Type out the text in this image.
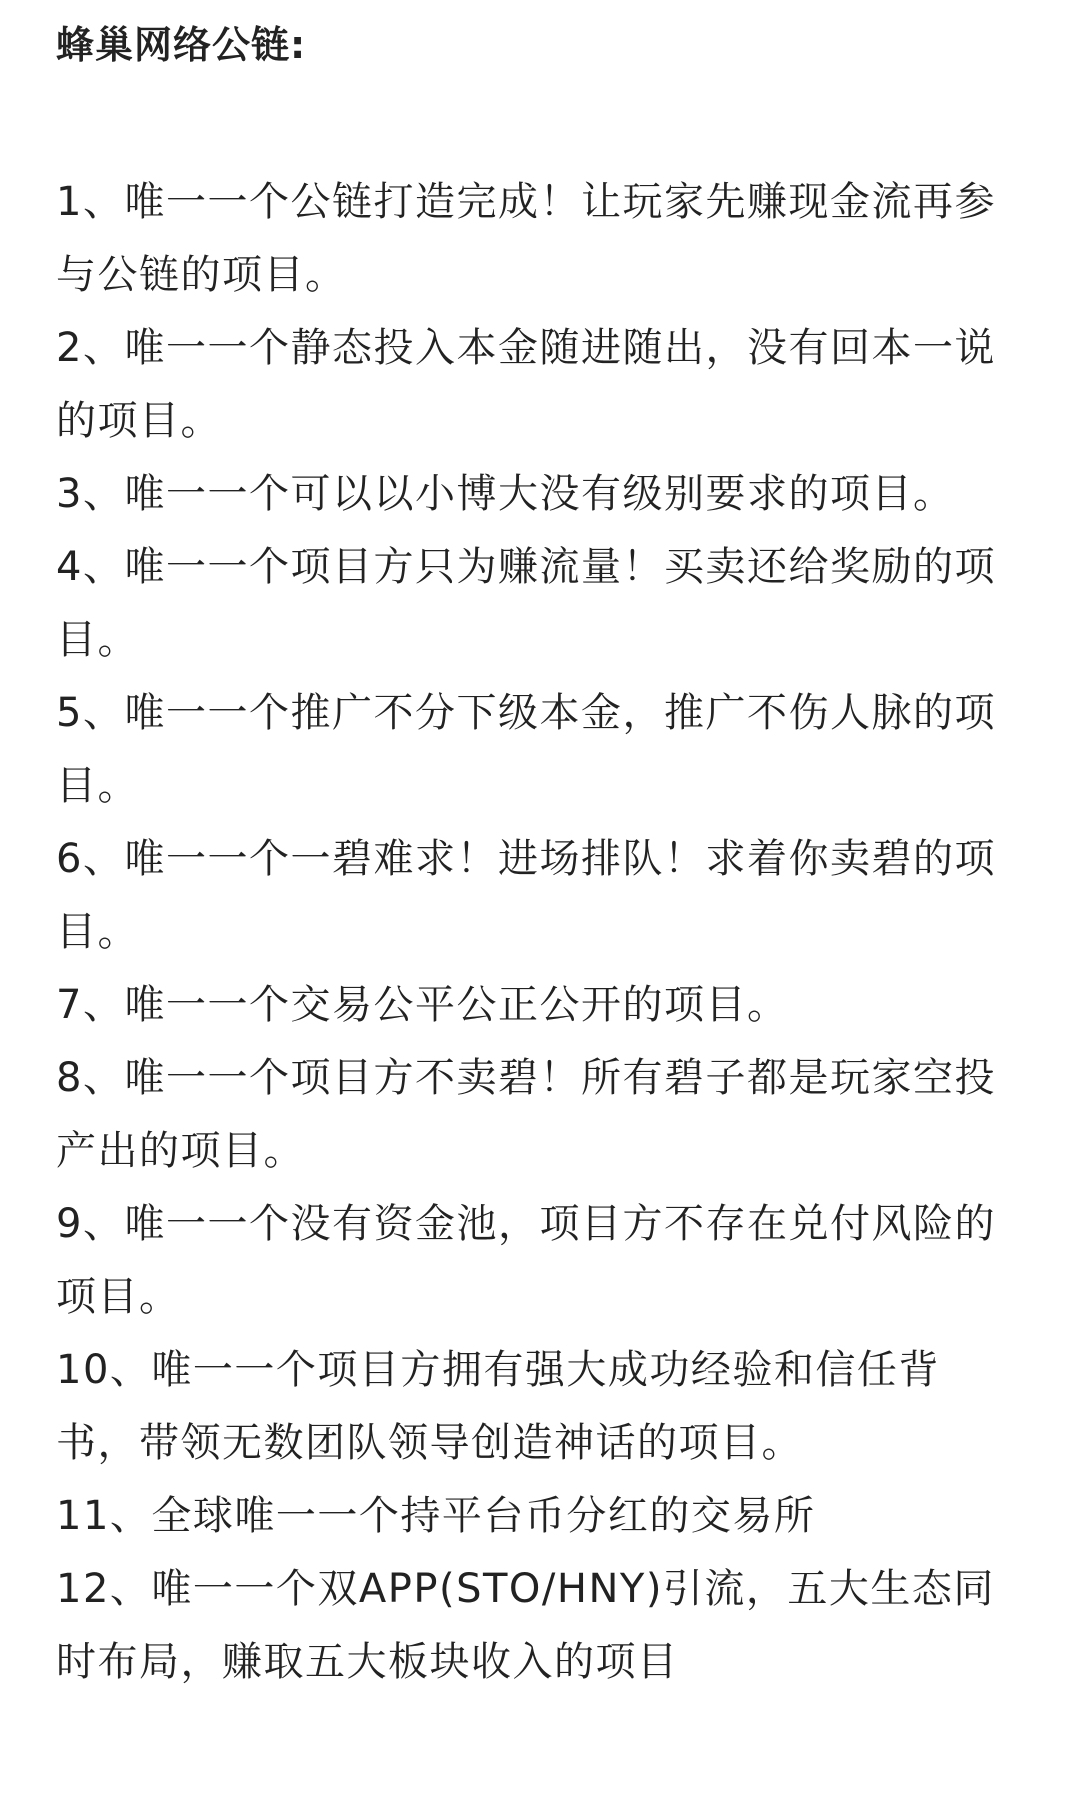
蜂巢网络公链:
1、唯一一个公链打造完成！让玩家先赚现金流再参与公链的项目。
2、唯一一个静态投入本金随进随出，没有回本一说的项目。
3、唯一一个可以以小博大没有级别要求的项目。
4、唯一一个项目方只为赚流量！买卖还给奖励的项目。
5、唯一一个推广不分下级本金，推广不伤人脉的项目。
6、唯一一个一碧难求！进场排队！求着你卖碧的项目。
7、唯一一个交易公平公正公开的项目。
8、唯一一个项目方不卖碧！所有碧子都是玩家空投产出的项目。
9、唯一一个没有资金池，项目方不存在兑付风险的项目。
10、唯一一个项目方拥有强大成功经验和信任背书，带领无数团队领导创造神话的项目。
11、全球唯一一个持平台币分红的交易所
12、唯一一个双APP(STO/HNY)引流，五大生态同时布局，赚取五大板块收入的项目
